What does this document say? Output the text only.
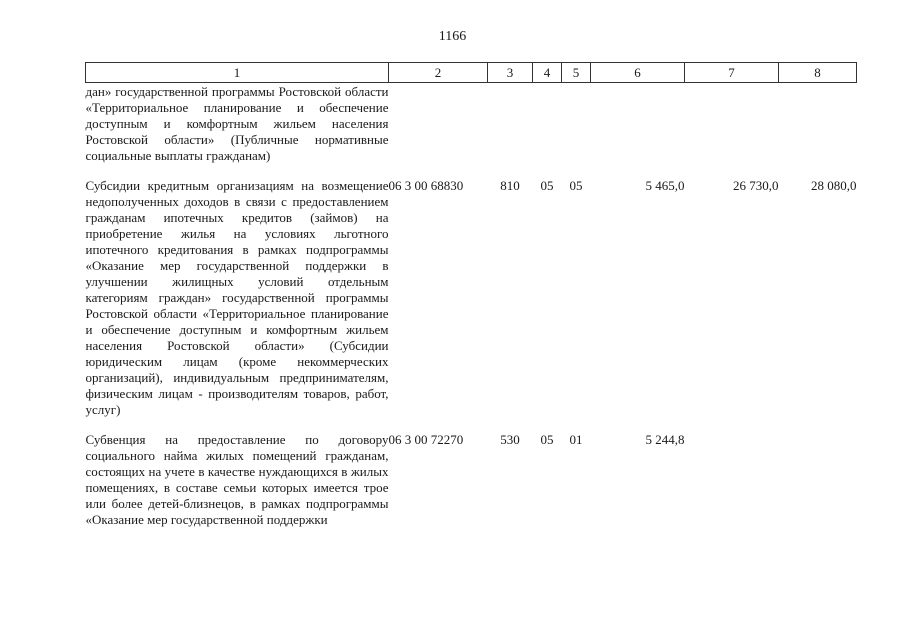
1166
1	2	3	4	5	6	7	8
дан» государственной программы Ростовской области «Территориальное планирование и обеспечение доступным и комфортным жильем населения Ростовской области» (Публичные нормативные социальные выплаты гражданам)							

Субсидии кредитным организациям на возмещение недополученных доходов в связи с предоставлением гражданам ипотечных кредитов (займов) на приобретение жилья на условиях льготного ипотечного кредитования в рамках подпрограммы «Оказание мер государственной поддержки в улучшении жилищных условий отдельным категориям граждан» государственной программы Ростовской области «Территориальное планирование и обеспечение доступным и комфортным жильем населения Ростовской области» (Субсидии юридическим лицам (кроме некоммерческих организаций), индивидуальным предпринимателям, физическим лицам - производителям товаров, работ, услуг)	06 3 00 68830	810	05	05	5 465,0	26 730,0	28 080,0

Субвенция на предоставление по договору социального найма жилых помещений гражданам, состоящих на учете в качестве нуждающихся в жилых помещениях, в составе семьи которых имеется трое или более детей-близнецов, в рамках подпрограммы «Оказание мер государственной поддержки	06 3 00 72270	530	05	01	5 244,8		
